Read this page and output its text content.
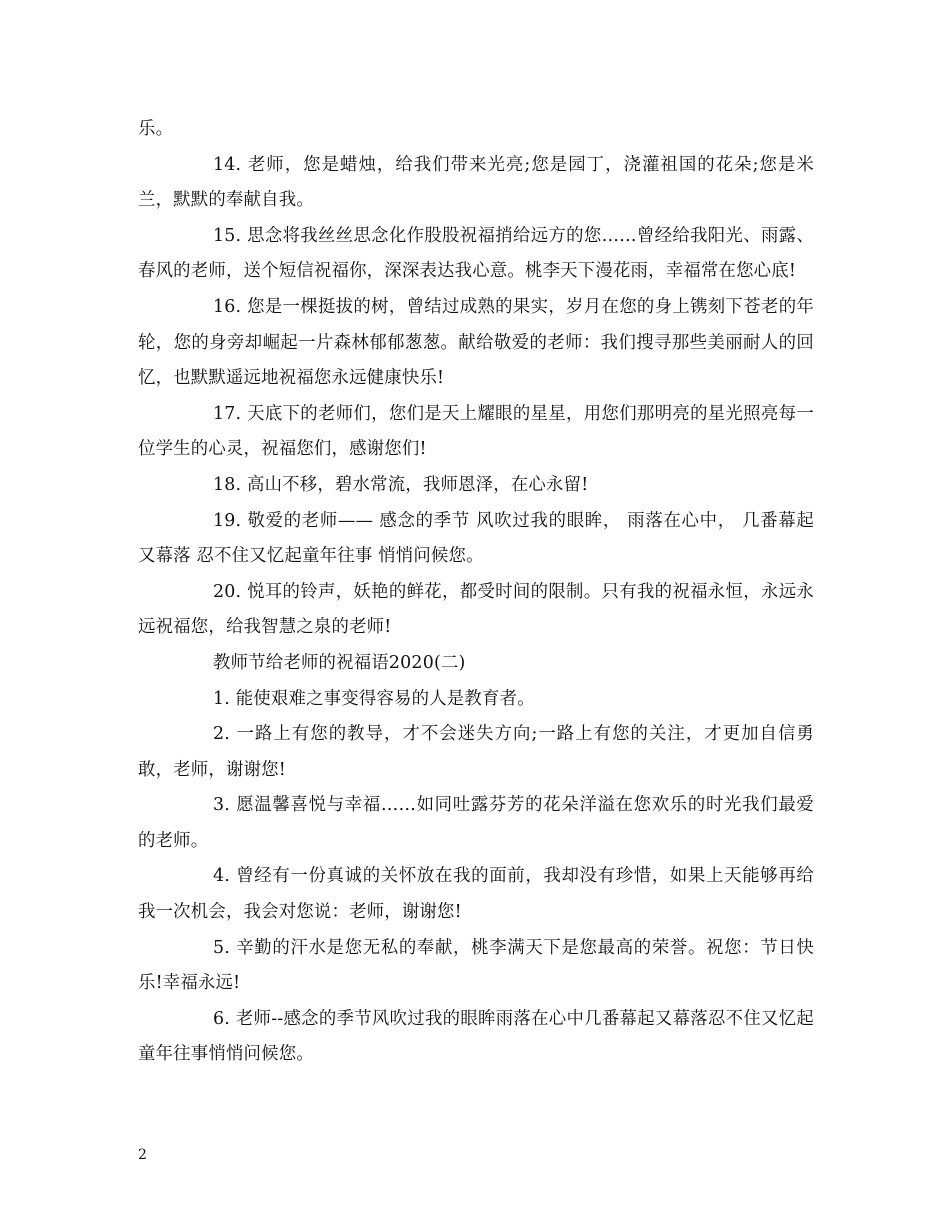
乐。

14. 老师，您是蜡烛，给我们带来光亮;您是园丁，浇灌祖国的花朵;您是米兰，默默的奉献自我。

15. 思念将我丝丝思念化作股股祝福捎给远方的您……曾经给我阳光、雨露、春风的老师，送个短信祝福你，深深表达我心意。桃李天下漫花雨，幸福常在您心底!

16. 您是一棵挺拔的树，曾结过成熟的果实，岁月在您的身上镌刻下苍老的年轮，您的身旁却崛起一片森林郁郁葱葱。献给敬爱的老师：我们搜寻那些美丽耐人的回忆，也默默遥远地祝福您永远健康快乐!

17. 天底下的老师们，您们是天上耀眼的星星，用您们那明亮的星光照亮每一位学生的心灵，祝福您们，感谢您们!

18. 高山不移，碧水常流，我师恩泽，在心永留!

19. 敬爱的老师—— 感念的季节 风吹过我的眼眸， 雨落在心中， 几番幕起又幕落 忍不住又忆起童年往事 悄悄问候您。

20. 悦耳的铃声，妖艳的鲜花，都受时间的限制。只有我的祝福永恒，永远永远祝福您，给我智慧之泉的老师!

教师节给老师的祝福语2020(二)

1. 能使艰难之事变得容易的人是教育者。

2. 一路上有您的教导，才不会迷失方向;一路上有您的关注，才更加自信勇敢，老师，谢谢您!

3. 愿温馨喜悦与幸福……如同吐露芬芳的花朵洋溢在您欢乐的时光我们最爱的老师。

4. 曾经有一份真诚的关怀放在我的面前，我却没有珍惜，如果上天能够再给我一次机会，我会对您说：老师，谢谢您!

5. 辛勤的汗水是您无私的奉献，桃李满天下是您最高的荣誉。祝您：节日快乐!幸福永远!

6. 老师--感念的季节风吹过我的眼眸雨落在心中几番幕起又幕落忍不住又忆起童年往事悄悄问候您。

2
